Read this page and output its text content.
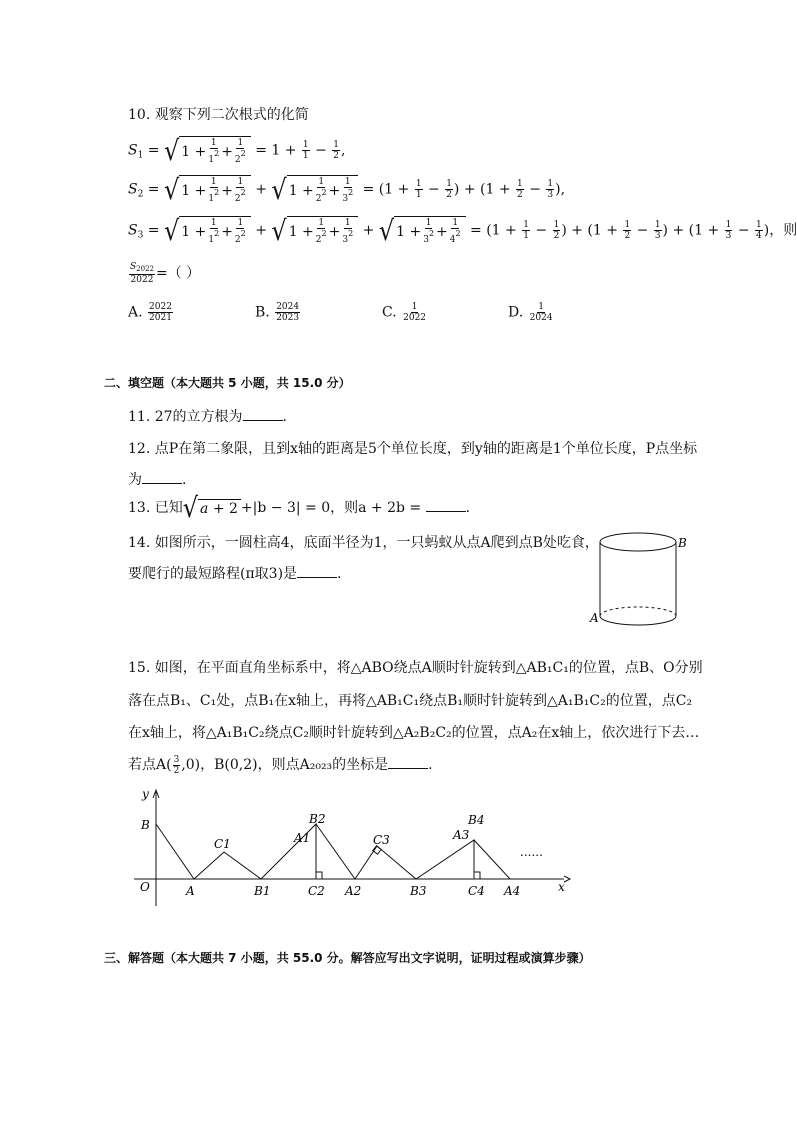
10. 观察下列二次根式的化简
$S_1$ = √ $1 + \frac{1}{12} + \frac{1}{22} = 1 + \frac{1}{1} - \frac{1}{2}$ ,
$S_2$ = √ $1 + \frac{1}{12} + \frac{1}{22}$ + √ $1 + \frac{1}{22} + \frac{1}{32} = (1 + \frac{1}{1} - \frac{1}{2}$ ) + ($1 + \frac{1}{2} - \frac{1}{3}$ ),
$S_3$ = √ $1 + \frac{1}{12} + \frac{1}{22}$ + √ $1 + \frac{1}{22} + \frac{1}{32}$ + √ $1 + \frac{1}{32} + \frac{1}{42} = (1 + \frac{1}{1} - \frac{1}{2}$ ) + ($1 + \frac{1}{2} - \frac{1}{3}$ ) + ($1 + \frac{1}{3} - \frac{1}{4}$ )，则
$\frac{S_{2022}}{2022}$ =（ ）
A. $\frac{2022}{2021}$	B. $\frac{2024}{2023}$	C. $\frac{1}{2022}$	D. $\frac{1}{2024}$
二、填空题（本大题共 5 小题，共 15.0 分）
11. 27的立方根为	.
12. 点P在第二象限，且到x轴的距离是5个单位长度，到y轴的距离是1个单位长度，P点坐标
为	.
13. 已知 √ a + 2 +|b − 3| = 0，则a + 2b =	.
14. 如图所示，一圆柱高4，底面半径为1，一只蚂蚁从点A爬到点B处吃食，
要爬行的最短路程(π取3)是	.
B
A
15. 如图，在平面直角坐标系中，将△ABO绕点A顺时针旋转到△AB₁C₁的位置，点B、O分别
落在点B₁、C₁处，点B₁在x轴上，再将△AB₁C₁绕点B₁顺时针旋转到△A₁B₁C₂的位置，点C₂
在x轴上，将△A₁B₁C₂绕点C₂顺时针旋转到△A₂B₂C₂的位置，点A₂在x轴上，依次进行下去…
若点$A( \frac{3}{2} ,0)$，B(0,2)，则点A₂₀₂₃的坐标是	.
y
x
O
B
A
C1
B1
A1
B2
C2 A2
C3
B3
A3
B4
C4 A4
......
三、解答题（本大题共 7 小题，共 55.0 分。解答应写出文字说明，证明过程或演算步骤）
